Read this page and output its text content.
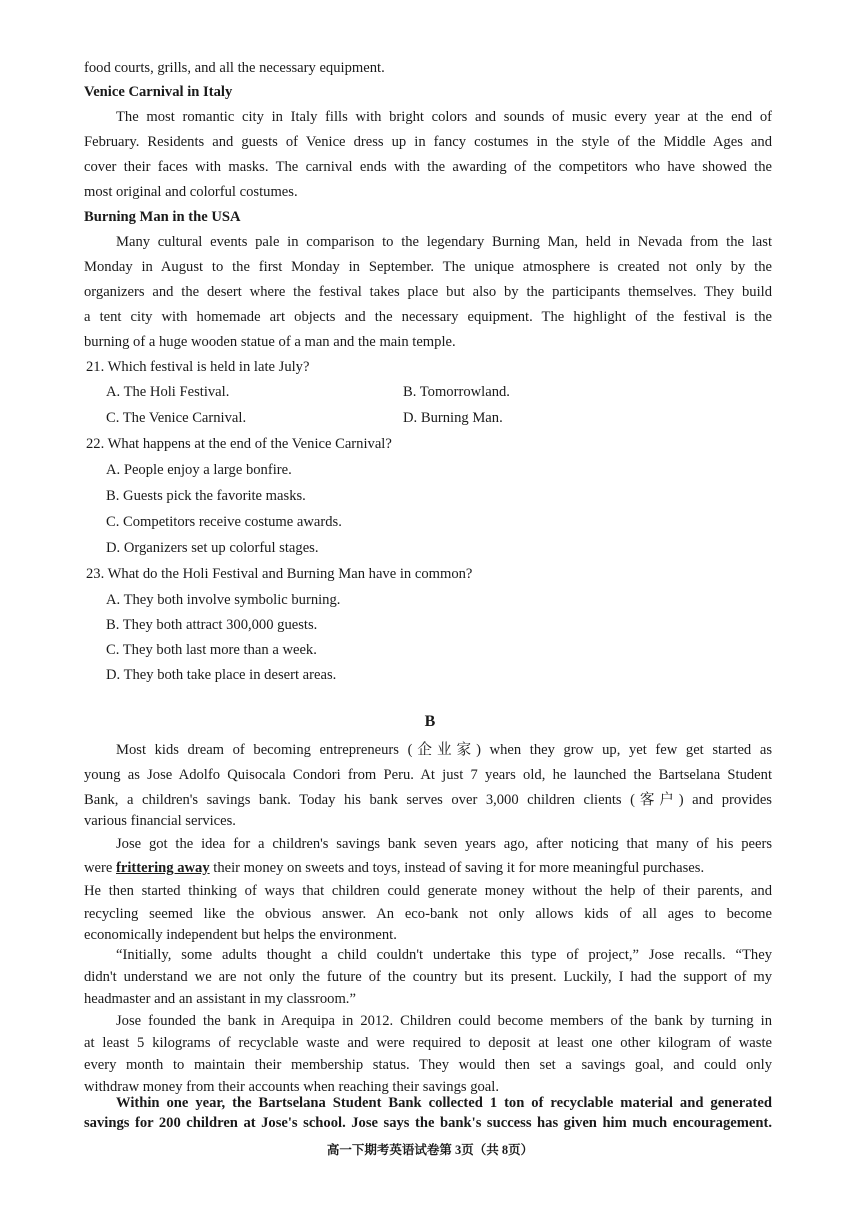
food courts, grills, and all the necessary equipment.
Venice Carnival in Italy
The most romantic city in Italy fills with bright colors and sounds of music every year at the end of
February. Residents and guests of Venice dress up in fancy costumes in the style of the Middle Ages and
cover their faces with masks. The carnival ends with the awarding of the competitors who have showed the
most original and colorful costumes.
Burning Man in the USA
Many cultural events pale in comparison to the legendary Burning Man, held in Nevada from the last
Monday in August to the first Monday in September. The unique atmosphere is created not only by the
organizers and the desert where the festival takes place but also by the participants themselves. They build
a tent city with homemade art objects and the necessary equipment. The highlight of the festival is the
burning of a huge wooden statue of a man and the main temple.
21. Which festival is held in late July?
A. The Holi Festival.	B. Tomorrowland.
C. The Venice Carnival.	D. Burning Man.
22. What happens at the end of the Venice Carnival?
A. People enjoy a large bonfire.
B. Guests pick the favorite masks.
C. Competitors receive costume awards.
D. Organizers set up colorful stages.
23. What do the Holi Festival and Burning Man have in common?
A. They both involve symbolic burning.
B. They both attract 300,000 guests.
C. They both last more than a week.
D. They both take place in desert areas.
B
Most kids dream of becoming entrepreneurs (企业家) when they grow up, yet few get started as
young as Jose Adolfo Quisocala Condori from Peru. At just 7 years old, he launched the Bartselana Student
Bank, a children's savings bank. Today his bank serves over 3,000 children clients (客户) and provides
various financial services.
Jose got the idea for a children's savings bank seven years ago, after noticing that many of his peers
were frittering away their money on sweets and toys, instead of saving it for more meaningful purchases.
He then started thinking of ways that children could generate money without the help of their parents, and
recycling seemed like the obvious answer. An eco-bank not only allows kids of all ages to become
economically independent but helps the environment.
“Initially, some adults thought a child couldn't undertake this type of project,” Jose recalls. “They
didn't understand we are not only the future of the country but its present. Luckily, I had the support of my
headmaster and an assistant in my classroom.”
Jose founded the bank in Arequipa in 2012. Children could become members of the bank by turning in
at least 5 kilograms of recyclable waste and were required to deposit at least one other kilogram of waste
every month to maintain their membership status. They would then set a savings goal, and could only
withdraw money from their accounts when reaching their savings goal.
Within one year, the Bartselana Student Bank collected 1 ton of recyclable material and generated
savings for 200 children at Jose's school. Jose says the bank's success has given him much encouragement.
高一下期考英语试卷第 3页（共 8页）
